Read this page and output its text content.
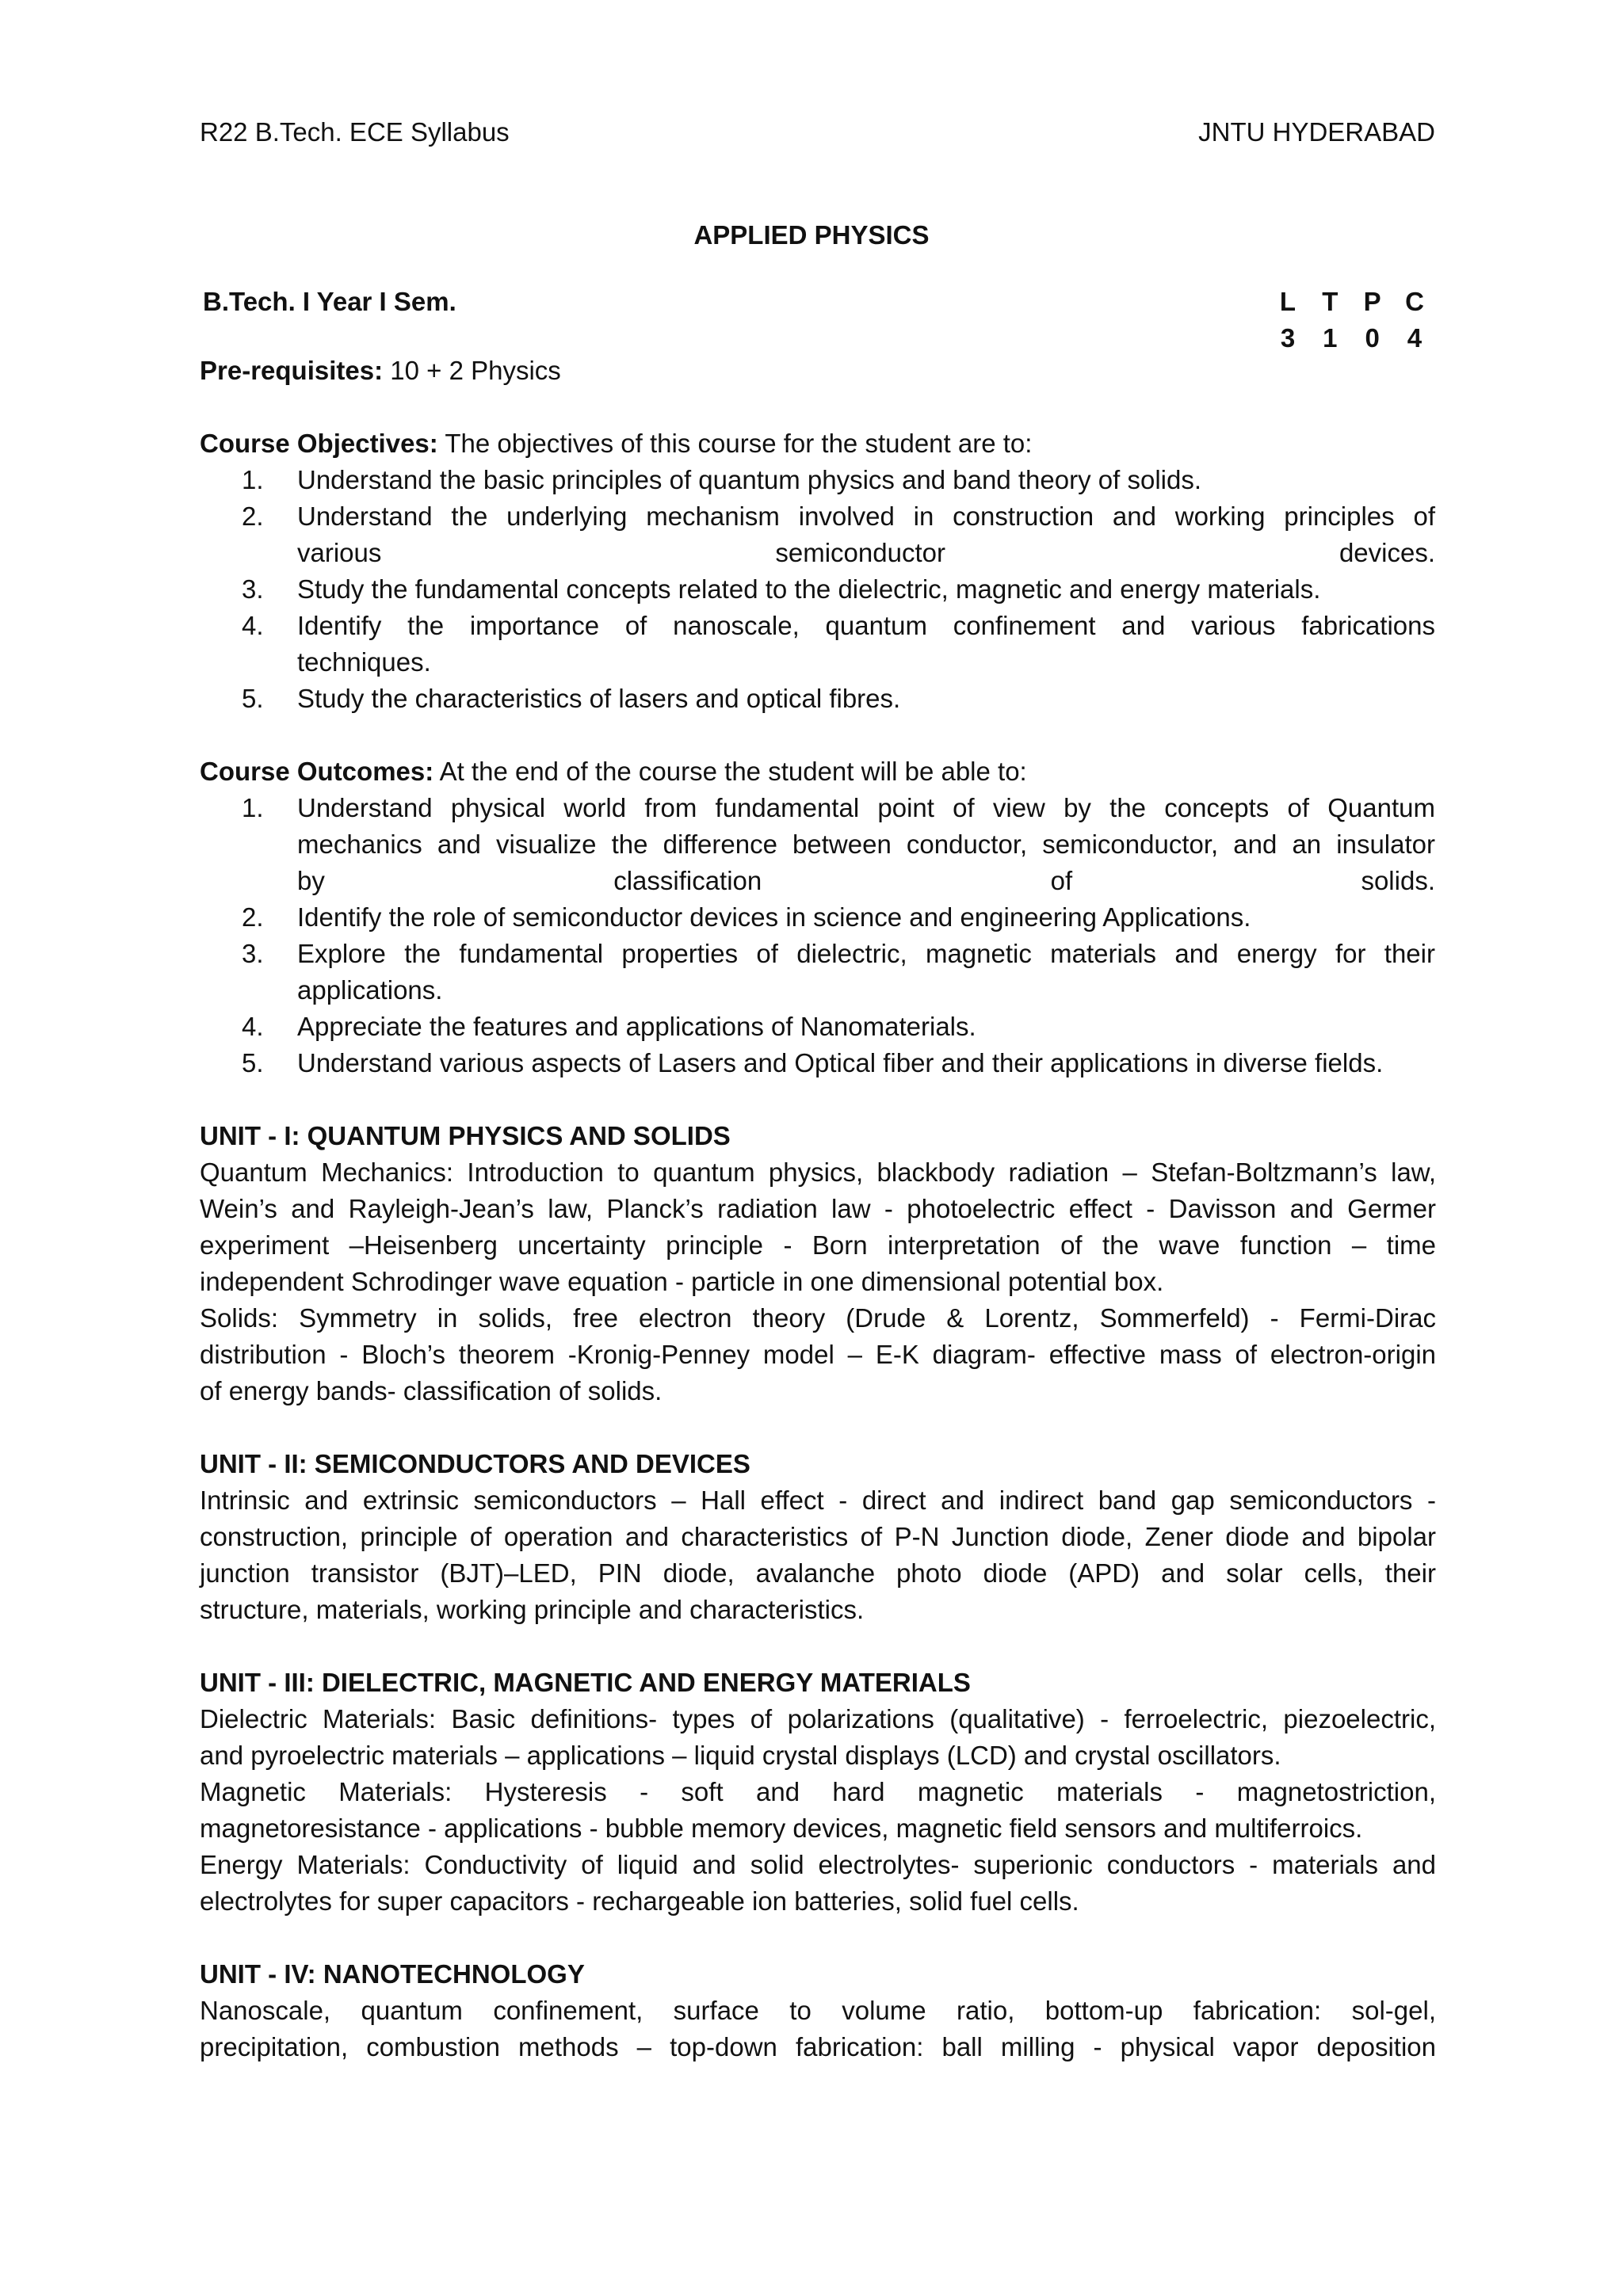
R22 B.Tech. ECE Syllabus	JNTU HYDERABAD
APPLIED PHYSICS
B.Tech. I Year I Sem.	L T P C
3 1 0 4
Pre-requisites: 10 + 2 Physics
Course Objectives: The objectives of this course for the student are to:
1. Understand the basic principles of quantum physics and band theory of solids.
2. Understand the underlying mechanism involved in construction and working principles of
various semiconductor devices.
3. Study the fundamental concepts related to the dielectric, magnetic and energy materials.
4. Identify the importance of nanoscale, quantum confinement and various fabrications
techniques.
5. Study the characteristics of lasers and optical fibres.
Course Outcomes: At the end of the course the student will be able to:
1. Understand physical world from fundamental point of view by the concepts of Quantum
mechanics and visualize the difference between conductor, semiconductor, and an insulator
by classification of solids.
2. Identify the role of semiconductor devices in science and engineering Applications.
3. Explore the fundamental properties of dielectric, magnetic materials and energy for their
applications.
4. Appreciate the features and applications of Nanomaterials.
5. Understand various aspects of Lasers and Optical fiber and their applications in diverse fields.
UNIT - I: QUANTUM PHYSICS AND SOLIDS
Quantum Mechanics: Introduction to quantum physics, blackbody radiation – Stefan-Boltzmann’s law,
Wein’s and Rayleigh-Jean’s law, Planck’s radiation law - photoelectric effect - Davisson and Germer
experiment –Heisenberg uncertainty principle - Born interpretation of the wave function – time
independent Schrodinger wave equation - particle in one dimensional potential box.
Solids: Symmetry in solids, free electron theory (Drude & Lorentz, Sommerfeld) - Fermi-Dirac
distribution - Bloch’s theorem -Kronig-Penney model – E-K diagram- effective mass of electron-origin
of energy bands- classification of solids.
UNIT - II: SEMICONDUCTORS AND DEVICES
Intrinsic and extrinsic semiconductors – Hall effect - direct and indirect band gap semiconductors -
construction, principle of operation and characteristics of P-N Junction diode, Zener diode and bipolar
junction transistor (BJT)–LED, PIN diode, avalanche photo diode (APD) and solar cells, their
structure, materials, working principle and characteristics.
UNIT - III: DIELECTRIC, MAGNETIC AND ENERGY MATERIALS
Dielectric Materials: Basic definitions- types of polarizations (qualitative) - ferroelectric, piezoelectric,
and pyroelectric materials – applications – liquid crystal displays (LCD) and crystal oscillators.
Magnetic Materials: Hysteresis - soft and hard magnetic materials - magnetostriction,
magnetoresistance - applications - bubble memory devices, magnetic field sensors and multiferroics.
Energy Materials: Conductivity of liquid and solid electrolytes- superionic conductors - materials and
electrolytes for super capacitors - rechargeable ion batteries, solid fuel cells.
UNIT - IV: NANOTECHNOLOGY
Nanoscale, quantum confinement, surface to volume ratio, bottom-up fabrication: sol-gel,
precipitation, combustion methods – top-down fabrication: ball milling - physical vapor deposition
